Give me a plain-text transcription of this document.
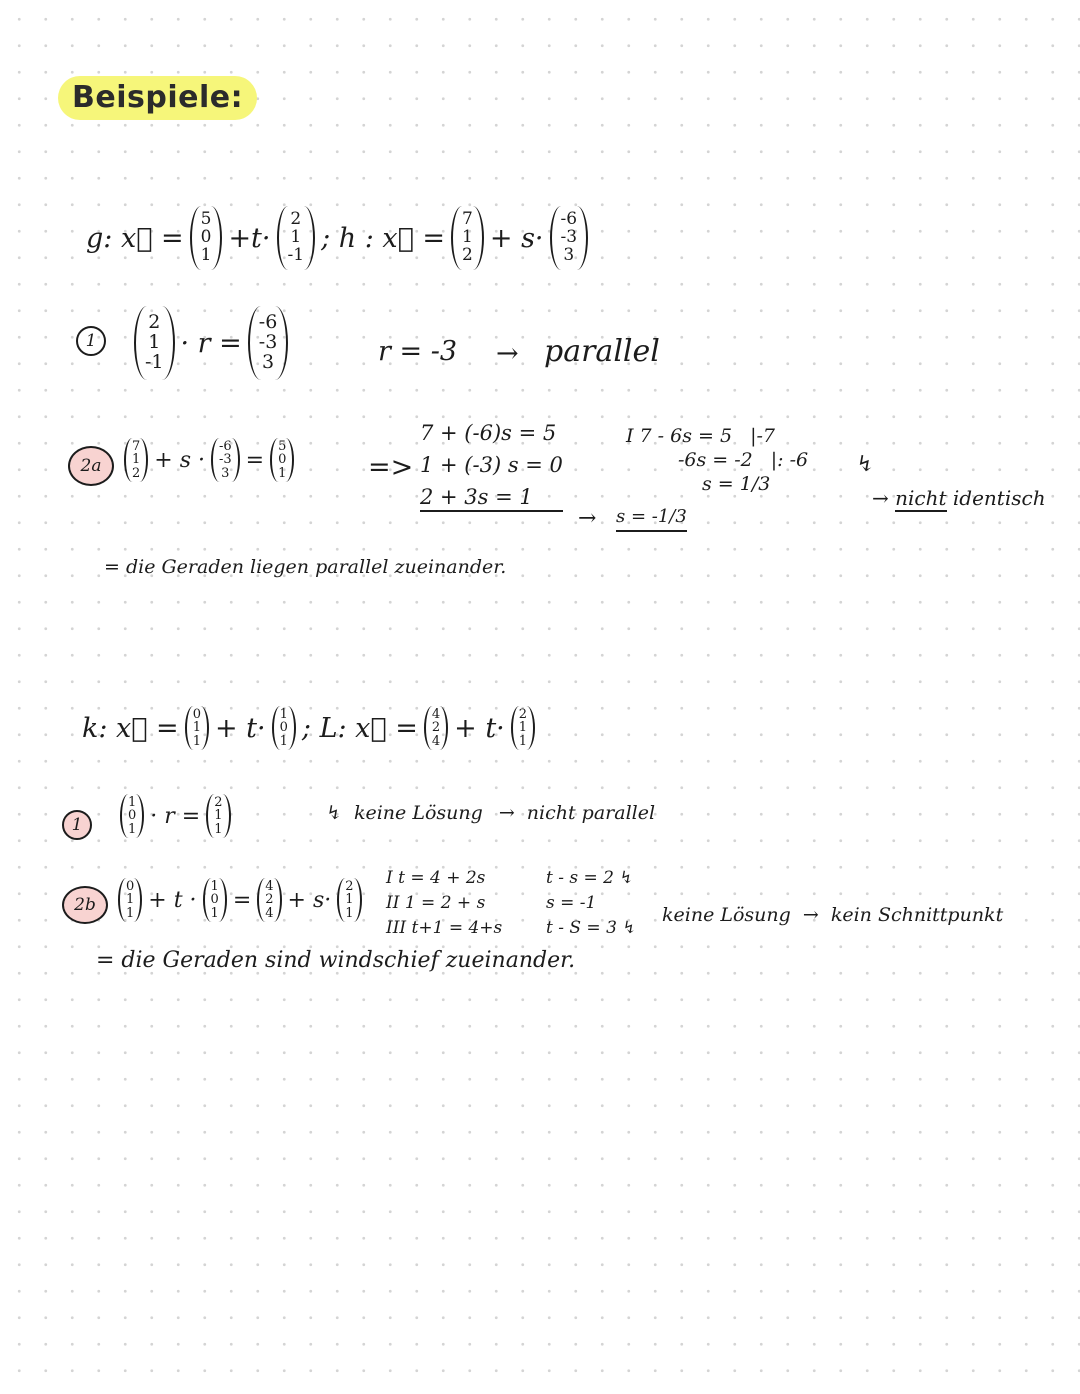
Beispiele:
g: x⃗ =
5
0
1
+t·
2
1
-1
; h : x⃗ =
7
1
2
+ s·
-6
-3
3
1
2
1
-1
· r =
-6
-3
3	r = -3 → parallel
2a
7
1
2
+ s ·
-6
-3
3
=
5
0
1	=>
7 + (-6)s = 5
1 + (-3) s = 0
2 + 3s = 1
→ s = -1/3
I 7 - 6s = 5 |-7
-6s = -2 |: -6
s = 1/3
↯
→ nicht identisch
= die Geraden liegen parallel zueinander.
k: x⃗ = 0
1
1 + t· 1
0
1 ; L: x⃗ = 4
2
4 + t· 2
1
1
1
1
0
1
· r =
2
1
1
↯ keine Lösung → nicht parallel
2b
0
1
1
+ t ·
1
0
1
=
4
2
4
+ s·
2
1
1
I t = 4 + 2s
II 1 = 2 + s
III t+1 = 4+s
t - s = 2 ↯
s = -1
t - S = 3 ↯
keine Lösung → kein Schnittpunkt
= die Geraden sind windschief zueinander.
